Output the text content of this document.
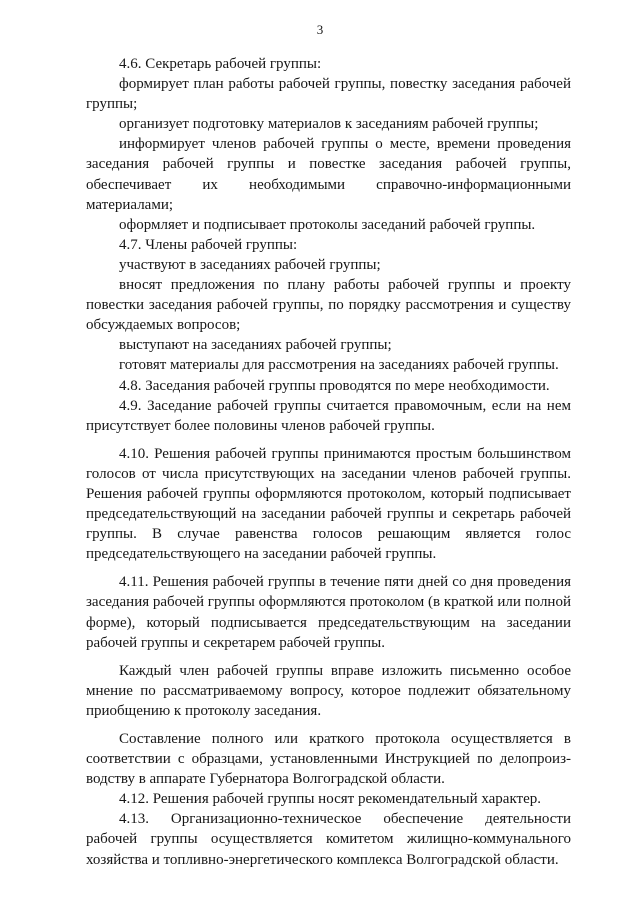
3

4.6. Секретарь рабочей группы:

формирует план работы рабочей группы, повестку заседания рабочей группы;

организует подготовку материалов к заседаниям рабочей группы;

информирует членов рабочей группы о месте, времени проведения заседания рабочей группы и повестке заседания рабочей группы, обеспечивает их необходимыми справочно-информационными материалами;

оформляет и подписывает протоколы заседаний рабочей группы.

4.7. Члены рабочей группы:

участвуют в заседаниях рабочей группы;

вносят предложения по плану работы рабочей группы и проекту повестки заседания рабочей группы, по порядку рассмотрения и существу обсуждаемых вопросов;

выступают на заседаниях рабочей группы;

готовят материалы для рассмотрения на заседаниях рабочей группы.

4.8. Заседания рабочей группы проводятся по мере необходимости.

4.9. Заседание рабочей группы считается правомочным, если на нем присутствует более половины членов рабочей группы.

4.10. Решения рабочей группы принимаются простым большинством голосов от числа присутствующих на заседании членов рабочей группы. Решения рабочей группы оформляются протоколом, который подписывает председательствующий на заседании рабочей группы и секретарь рабочей группы. В случае равенства голосов решающим является голос председательствующего на заседании рабочей группы.

4.11. Решения рабочей группы в течение пяти дней со дня проведения заседания рабочей группы оформляются протоколом (в краткой или полной форме), который подписывается председательствующим на заседании рабочей группы и секретарем рабочей группы.

Каждый член рабочей группы вправе изложить письменно особое мнение по рассматриваемому вопросу, которое подлежит обязательному приобщению к протоколу заседания.

Составление полного или краткого протокола осуществляется в соответствии с образцами, установленными Инструкцией по делопроизводству в аппарате Губернатора Волгоградской области.

4.12. Решения рабочей группы носят рекомендательный характер.

4.13. Организационно-техническое обеспечение деятельности рабочей группы осуществляется комитетом жилищно-коммунального хозяйства и топливно-энергетического комплекса Волгоградской области.
